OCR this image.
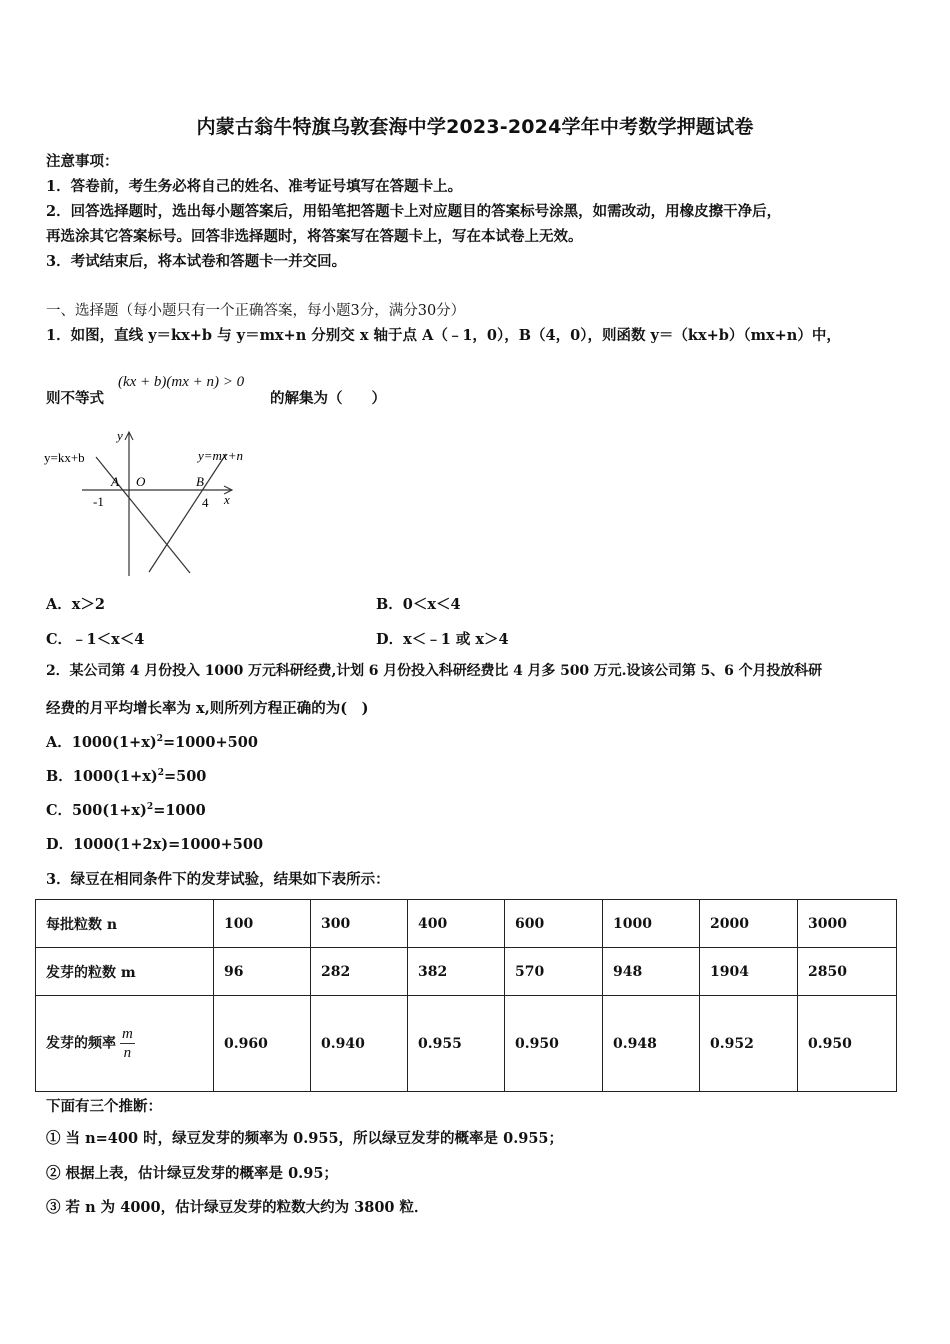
内蒙古翁牛特旗乌敦套海中学2023-2024学年中考数学押题试卷
注意事项：
1．答卷前，考生务必将自己的姓名、准考证号填写在答题卡上。
2．回答选择题时，选出每小题答案后，用铅笔把答题卡上对应题目的答案标号涂黑，如需改动，用橡皮擦干净后，
再选涂其它答案标号。回答非选择题时，将答案写在答题卡上，写在本试卷上无效。
3．考试结束后，将本试卷和答题卡一并交回。
一、选择题（每小题只有一个正确答案，每小题3分，满分30分）
1．如图，直线 y＝kx+b 与 y＝mx+n 分别交 x 轴于点 A（﹣1，0），B（4，0），则函数 y＝（kx+b）（mx+n）中，
则不等式
(kx + b)(mx + n) > 0
的解集为（　　）
y
x
y=kx+b	y=mx+n
A O	B
-1	4
A．x＞2	B．0＜x＜4
C．﹣1＜x＜4	D．x＜﹣1 或 x＞4
2．某公司第 4 月份投入 1000 万元科研经费,计划 6 月份投入科研经费比 4 月多 500 万元.设该公司第 5、6 个月投放科研
经费的月平均增长率为 x,则所列方程正确的为(　)
A．$1000(1+x)^2=1000+500$
B．$1000(1+x)^2=500$
C．$500(1+x)^2=1000$
D．1000(1+2x)=1000+500
3．绿豆在相同条件下的发芽试验，结果如下表所示：
每批粒数 n	100	300	400	600	1000	2000	3000
发芽的粒数 m	96	282	382	570	948	1904	2850
发芽的频率 $\frac{m}{n}$	0.960	0.940	0.955	0.950	0.948	0.952	0.950
下面有三个推断：
① 当 n=400 时，绿豆发芽的频率为 0.955，所以绿豆发芽的概率是 0.955；
② 根据上表，估计绿豆发芽的概率是 0.95；
③ 若 n 为 4000，估计绿豆发芽的粒数大约为 3800 粒．
